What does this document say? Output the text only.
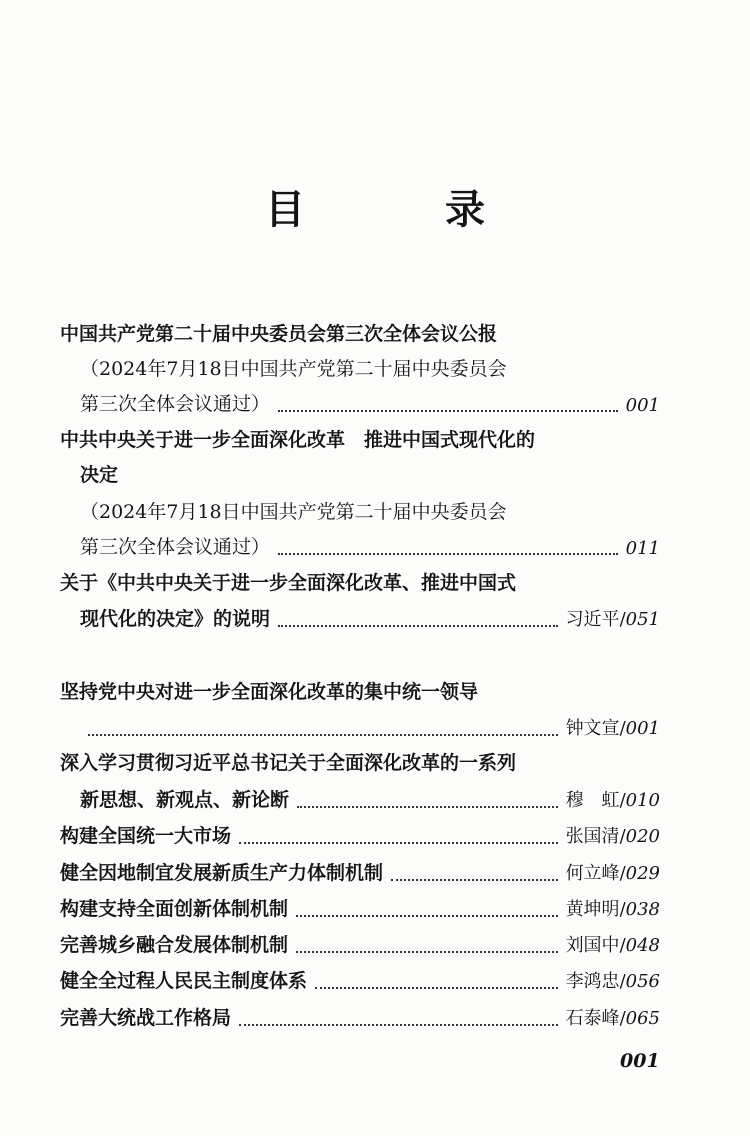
目　录
中国共产党第二十届中央委员会第三次全体会议公报
（2024年7月18日中国共产党第二十届中央委员会
第三次全体会议通过）	001
中共中央关于进一步全面深化改革　推进中国式现代化的
决定
（2024年7月18日中国共产党第二十届中央委员会
第三次全体会议通过）	011
关于《中共中央关于进一步全面深化改革、推进中国式
现代化的决定》的说明	习近平/051
坚持党中央对进一步全面深化改革的集中统一领导
钟文宣/001
深入学习贯彻习近平总书记关于全面深化改革的一系列
新思想、新观点、新论断	穆　虹/010
构建全国统一大市场	张国清/020
健全因地制宜发展新质生产力体制机制	何立峰/029
构建支持全面创新体制机制	黄坤明/038
完善城乡融合发展体制机制	刘国中/048
健全全过程人民民主制度体系	李鸿忠/056
完善大统战工作格局	石泰峰/065
001
